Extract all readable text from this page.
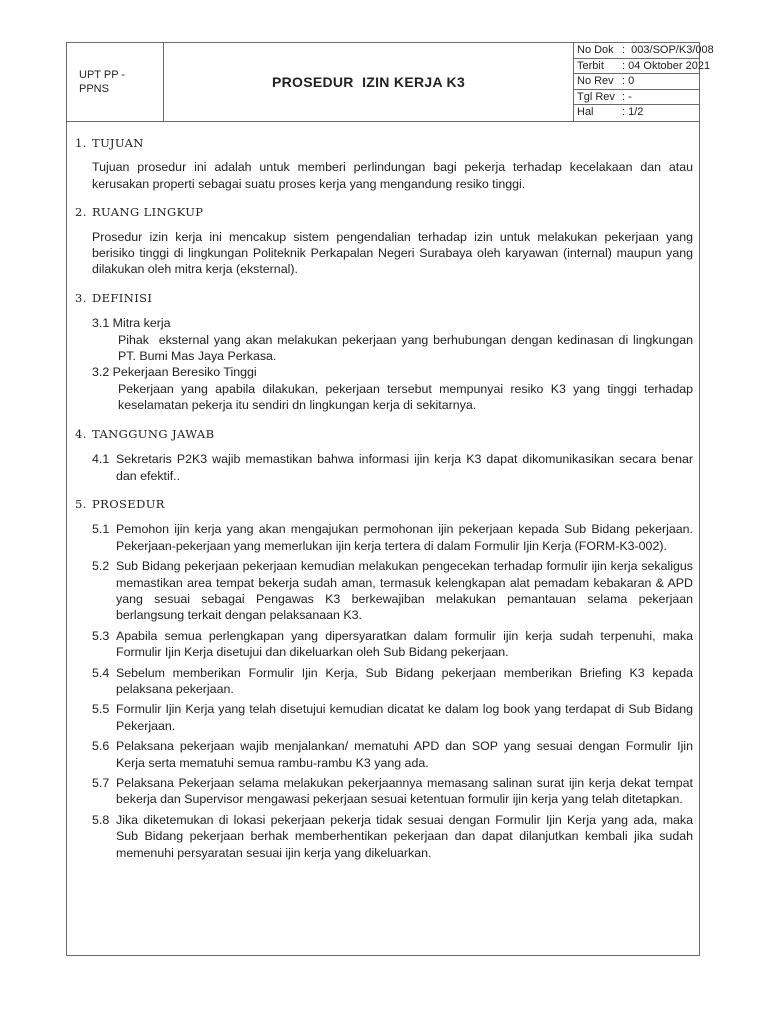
UPT PP -
PPNS	PROSEDUR  IZIN KERJA K3
No Dok :  003/SOP/K3/008
Terbit : 04 Oktober 2021
No Rev : 0
Tgl Rev : -
Hal	: 1/2
1. TUJUAN
Tujuan prosedur ini adalah untuk memberi perlindungan bagi pekerja terhadap kecelakaan dan atau kerusakan properti sebagai suatu proses kerja yang mengandung resiko tinggi.
2. RUANG LINGKUP
Prosedur izin kerja ini mencakup sistem pengendalian terhadap izin untuk melakukan pekerjaan yang berisiko tinggi di lingkungan Politeknik Perkapalan Negeri Surabaya oleh karyawan (internal) maupun yang dilakukan oleh mitra kerja (eksternal).
3. DEFINISI
3.1 Mitra kerja
Pihak  eksternal yang akan melakukan pekerjaan yang berhubungan dengan kedinasan di lingkungan PT. Bumi Mas Jaya Perkasa.
3.2 Pekerjaan Beresiko Tinggi
Pekerjaan yang apabila dilakukan, pekerjaan tersebut mempunyai resiko K3 yang tinggi terhadap keselamatan pekerja itu sendiri dn lingkungan kerja di sekitarnya.
4. TANGGUNG JAWAB
4.1 Sekretaris P2K3 wajib memastikan bahwa informasi ijin kerja K3 dapat dikomunikasikan secara benar dan efektif..
5. PROSEDUR
5.1 Pemohon ijin kerja yang akan mengajukan permohonan ijin pekerjaan kepada Sub Bidang pekerjaan. Pekerjaan-pekerjaan yang memerlukan ijin kerja tertera di dalam Formulir Ijin Kerja (FORM-K3-002).
5.2 Sub Bidang pekerjaan pekerjaan kemudian melakukan pengecekan terhadap formulir ijin kerja sekaligus memastikan area tempat bekerja sudah aman, termasuk kelengkapan alat pemadam kebakaran & APD yang sesuai sebagai Pengawas K3 berkewajiban melakukan pemantauan selama pekerjaan berlangsung terkait dengan pelaksanaan K3.
5.3 Apabila semua perlengkapan yang dipersyaratkan dalam formulir ijin kerja sudah terpenuhi, maka Formulir Ijin Kerja disetujui dan dikeluarkan oleh Sub Bidang pekerjaan.
5.4 Sebelum memberikan Formulir Ijin Kerja, Sub Bidang pekerjaan memberikan Briefing K3 kepada pelaksana pekerjaan.
5.5 Formulir Ijin Kerja yang telah disetujui kemudian dicatat ke dalam log book yang terdapat di Sub Bidang Pekerjaan.
5.6 Pelaksana pekerjaan wajib menjalankan/ mematuhi APD dan SOP yang sesuai dengan Formulir Ijin Kerja serta mematuhi semua rambu-rambu K3 yang ada.
5.7 Pelaksana Pekerjaan selama melakukan pekerjaannya memasang salinan surat ijin kerja dekat tempat bekerja dan Supervisor mengawasi pekerjaan sesuai ketentuan formulir ijin kerja yang telah ditetapkan.
5.8 Jika diketemukan di lokasi pekerjaan pekerja tidak sesuai dengan Formulir Ijin Kerja yang ada, maka Sub Bidang pekerjaan berhak memberhentikan pekerjaan dan dapat dilanjutkan kembali jika sudah memenuhi persyaratan sesuai ijin kerja yang dikeluarkan.
